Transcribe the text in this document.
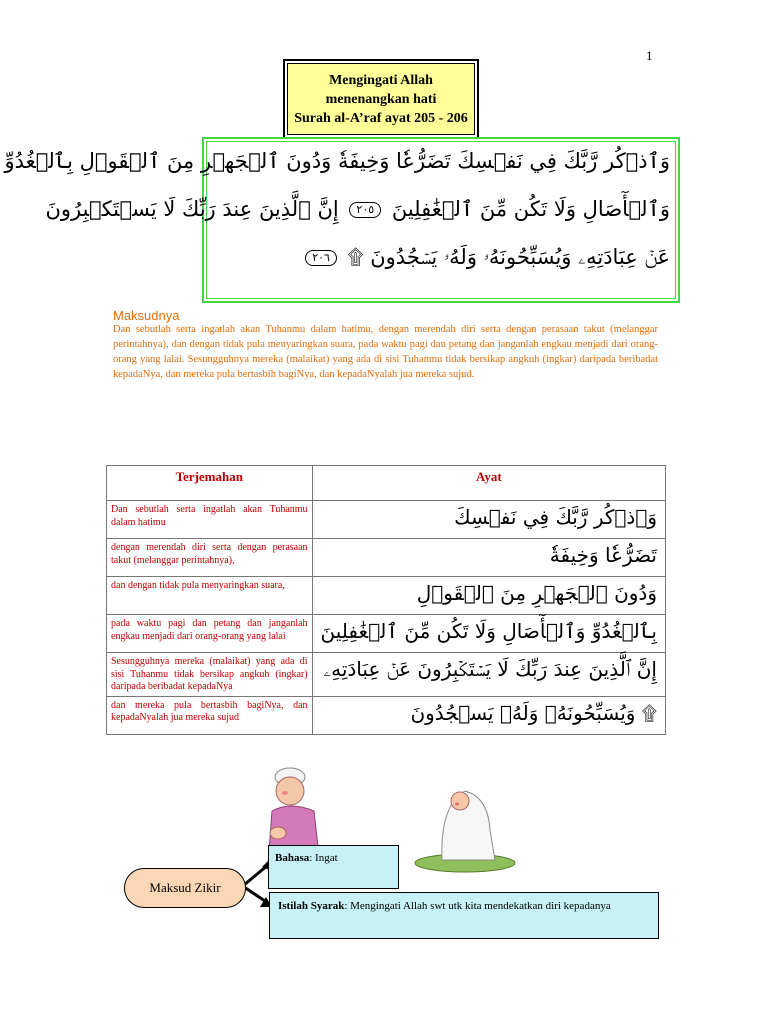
1
Mengingati Allah menenangkan hati
Surah al-A’raf ayat 205 - 206
وَٱذۡكُر رَّبَّكَ فِي نَفۡسِكَ تَضَرُّعٗا وَخِيفَةٗ وَدُونَ ٱلۡجَهۡرِ مِنَ ٱلۡقَوۡلِ بِٱلۡغُدُوِّ
وَٱلۡأٓصَالِ وَلَا تَكُن مِّنَ ٱلۡغَٰفِلِينَ ٢٠٥ إِنَّ ٱلَّذِينَ عِندَ رَبِّكَ لَا يَسۡتَكۡبِرُونَ
عَنۡ عِبَادَتِهِۦ وَيُسَبِّحُونَهُۥ وَلَهُۥ يَسۡجُدُونَ ۩ ٢٠٦
Maksudnya
Dan sebutlah serta ingatlah akan Tuhanmu dalam hatimu, dengan merendah diri serta dengan perasaan takut (melanggar perintahnya), dan dengan tidak pula menyaringkan suara, pada waktu pagi dan petang dan janganlah engkau menjadi dari orang-orang yang lalai. Sesungguhnya mereka (malaikat) yang ada di sisi Tuhanmu tidak bersikap angkuh (ingkar) daripada beribadat kepadaNya, dan mereka pula bertasbih bagiNya, dan kepadaNyalah jua mereka sujud.
Terjemahan	Ayat
Dan sebutlah serta ingatlah akan Tuhanmu dalam hatimu	وَٱذۡكُر رَّبَّكَ فِي نَفۡسِكَ
dengan merendah diri serta dengan perasaan takut (melanggar perintahnya),	تَضَرُّعٗا وَخِيفَةٗ
dan dengan tidak pula menyaringkan suara,	وَدُونَ ٱلۡجَهۡرِ مِنَ ٱلۡقَوۡلِ
pada waktu pagi dan petang dan janganlah engkau menjadi dari orang-orang yang lalai	بِٱلۡغُدُوِّ وَٱلۡأٓصَالِ وَلَا تَكُن مِّنَ ٱلۡغَٰفِلِينَ
Sesungguhnya mereka (malaikat) yang ada di sisi Tuhanmu tidak bersikap angkuh (ingkar) daripada beribadat kepadaNya	إِنَّ ٱلَّذِينَ عِندَ رَبِّكَ لَا يَسۡتَكۡبِرُونَ عَنۡ عِبَادَتِهِۦ
dan mereka pula bertasbih bagiNya, dan kepadaNyalah jua mereka sujud	وَيُسَبِّحُونَهُۥ وَلَهُۥ يَسۡجُدُونَ ۩
Maksud Zikir
Bahasa: Ingat
Istilah Syarak: Mengingati Allah swt utk kita mendekatkan diri kepadanya
